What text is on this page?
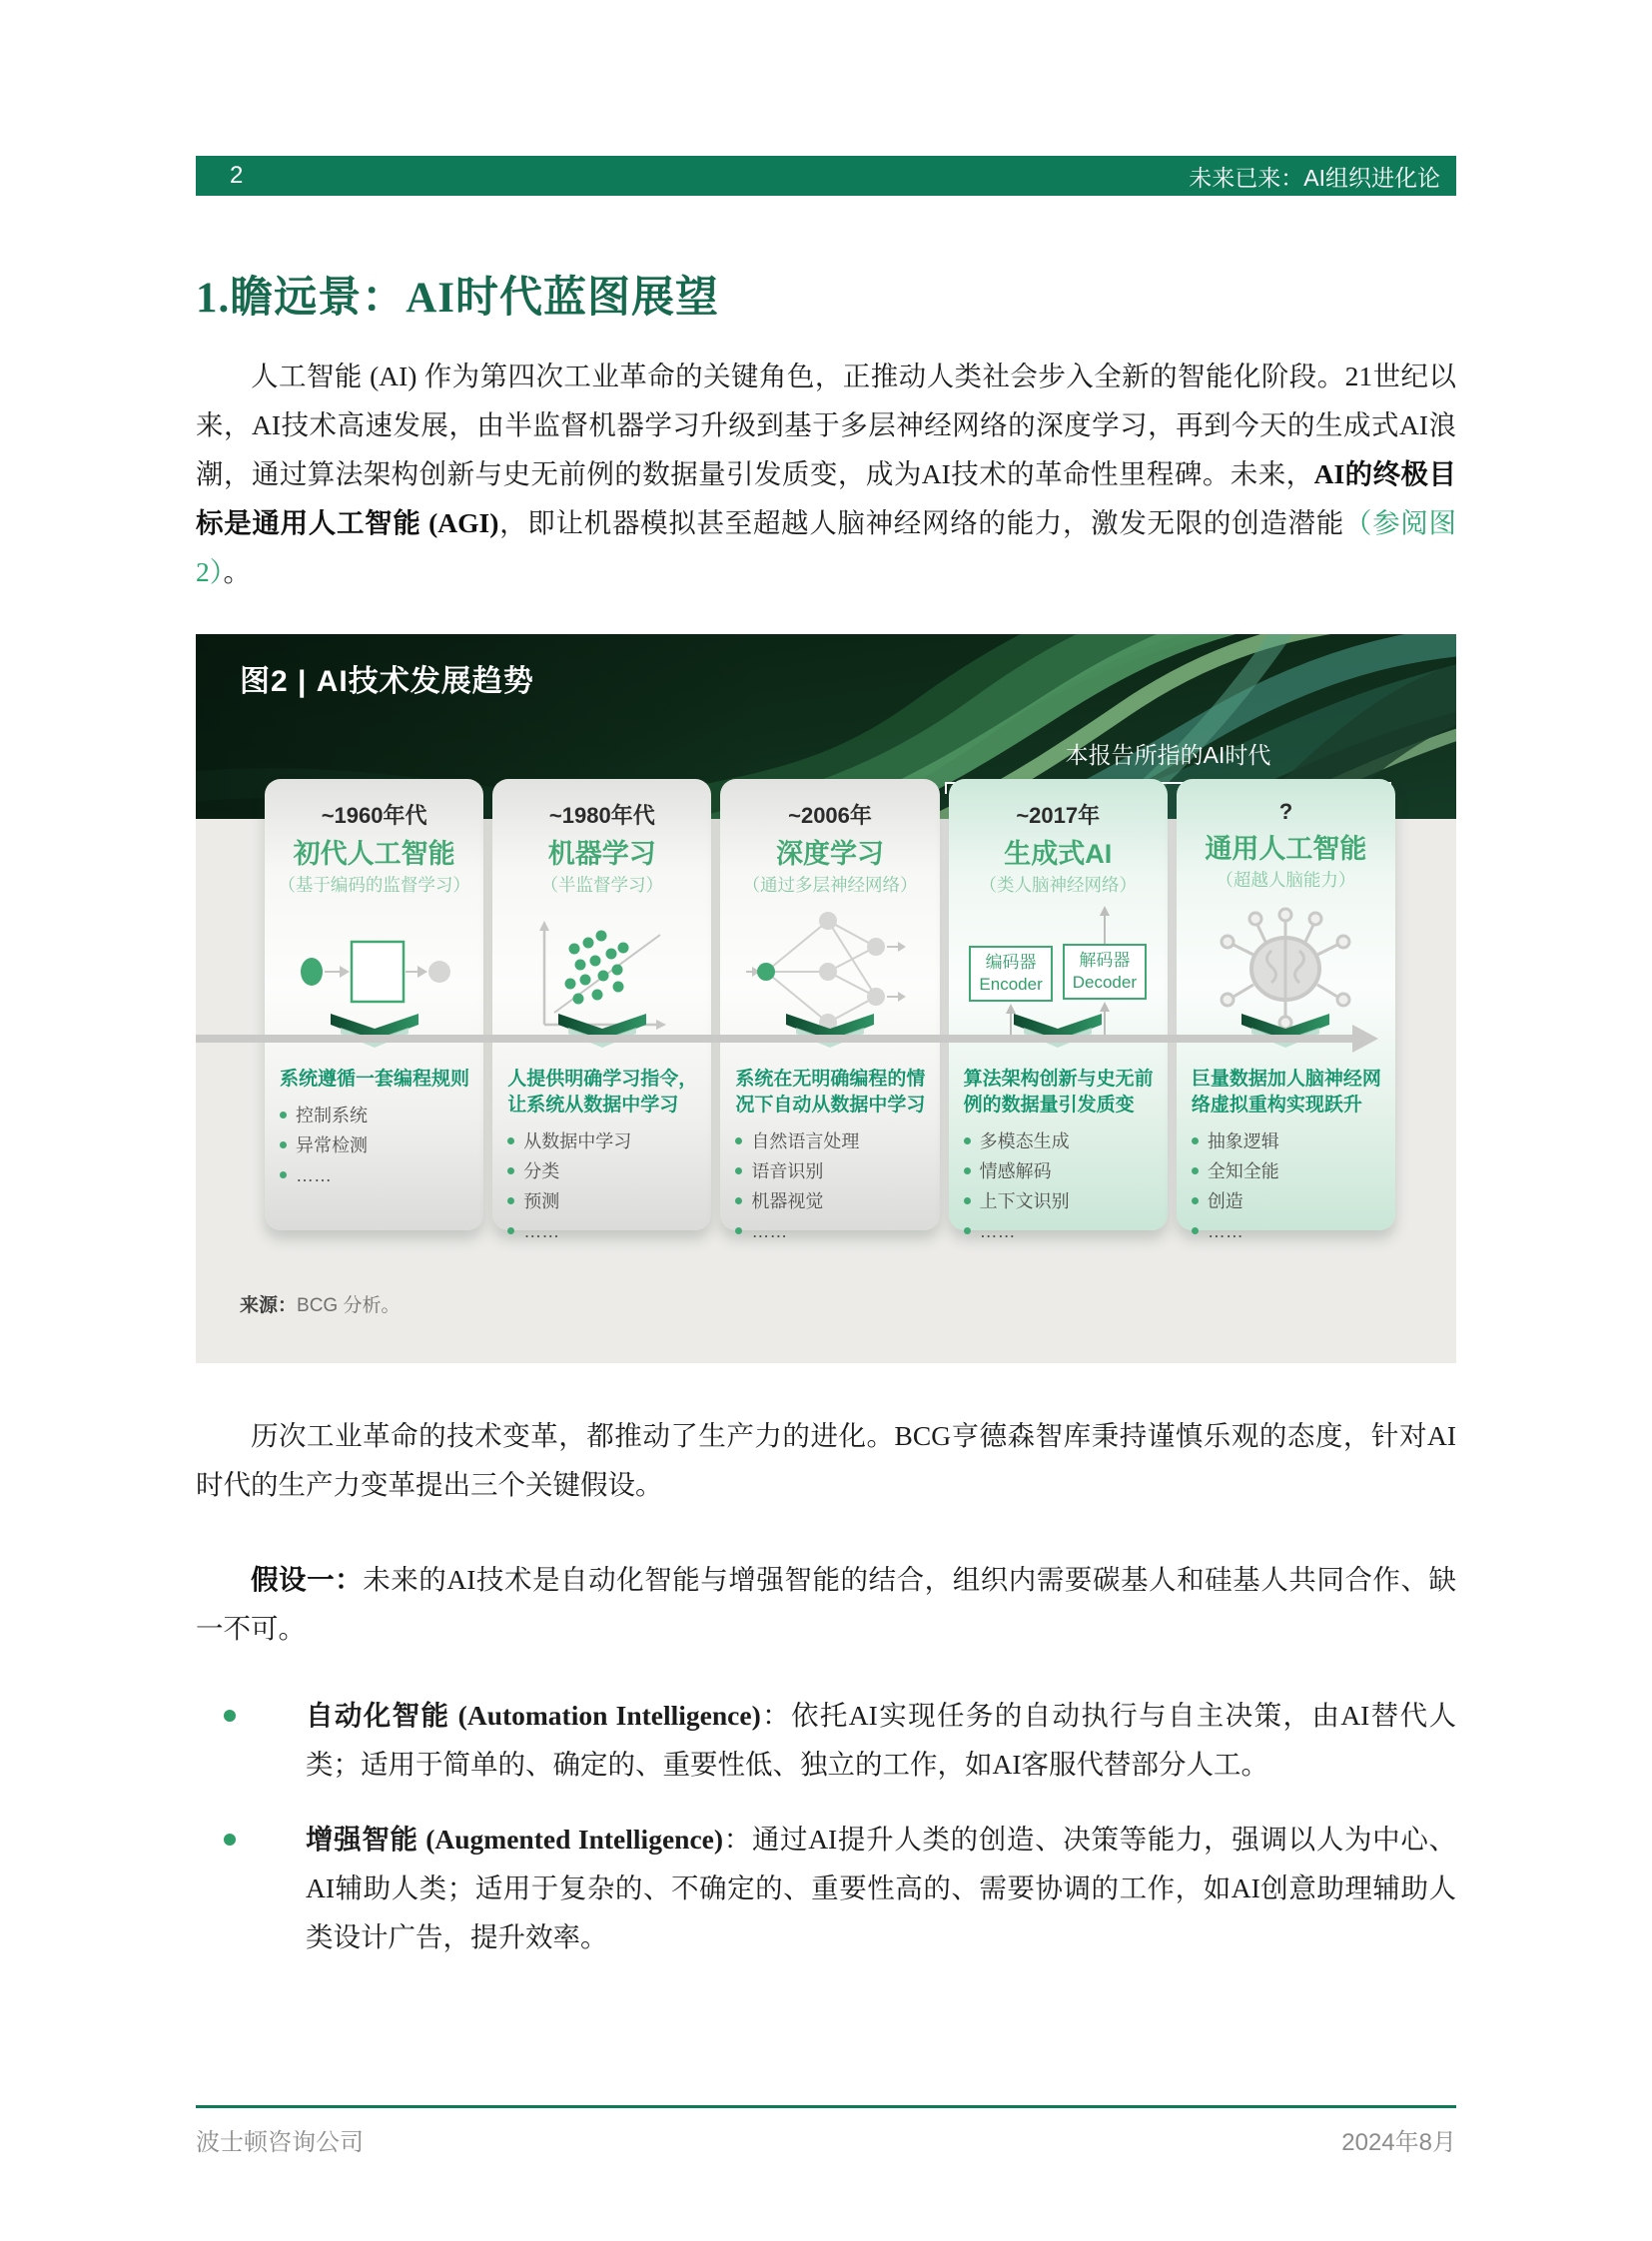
2	未来已来：AI组织进化论
1.瞻远景：AI时代蓝图展望

人工智能 (AI) 作为第四次工业革命的关键角色，正推动人类社会步入全新的智能化阶段。21世纪以来，AI技术高速发展，由半监督机器学习升级到基于多层神经网络的深度学习，再到今天的生成式AI浪潮，通过算法架构创新与史无前例的数据量引发质变，成为AI技术的革命性里程碑。未来，AI的终极目标是通用人工智能 (AGI)，即让机器模拟甚至超越人脑神经网络的能力，激发无限的创造潜能（参阅图2）。

图2 | AI技术发展趋势
本报告所指的AI时代
~1960年代
初代人工智能
（基于编码的监督学习）
系统遵循一套编程规则
控制系统
异常检测
……
~1980年代
机器学习
（半监督学习）
人提供明确学习指令，让系统从数据中学习
从数据中学习
分类
预测
……
~2006年
深度学习
（通过多层神经网络）
系统在无明确编程的情况下自动从数据中学习
自然语言处理
语音识别
机器视觉
……
~2017年
生成式AI
（类人脑神经网络）
编码器
Encoder
解码器
Decoder
算法架构创新与史无前例的数据量引发质变
多模态生成
情感解码
上下文识别
……
?
通用人工智能
（超越人脑能力）
巨量数据加人脑神经网络虚拟重构实现跃升
抽象逻辑
全知全能
创造
……
来源：BCG 分析。

历次工业革命的技术变革，都推动了生产力的进化。BCG亨德森智库秉持谨慎乐观的态度，针对AI时代的生产力变革提出三个关键假设。

假设一：未来的AI技术是自动化智能与增强智能的结合，组织内需要碳基人和硅基人共同合作、缺一不可。

自动化智能 (Automation Intelligence)：依托AI实现任务的自动执行与自主决策，由AI替代人类；适用于简单的、确定的、重要性低、独立的工作，如AI客服代替部分人工。
增强智能 (Augmented Intelligence)：通过AI提升人类的创造、决策等能力，强调以人为中心、AI辅助人类；适用于复杂的、不确定的、重要性高的、需要协调的工作，如AI创意助理辅助人类设计广告，提升效率。
波士顿咨询公司	2024年8月
